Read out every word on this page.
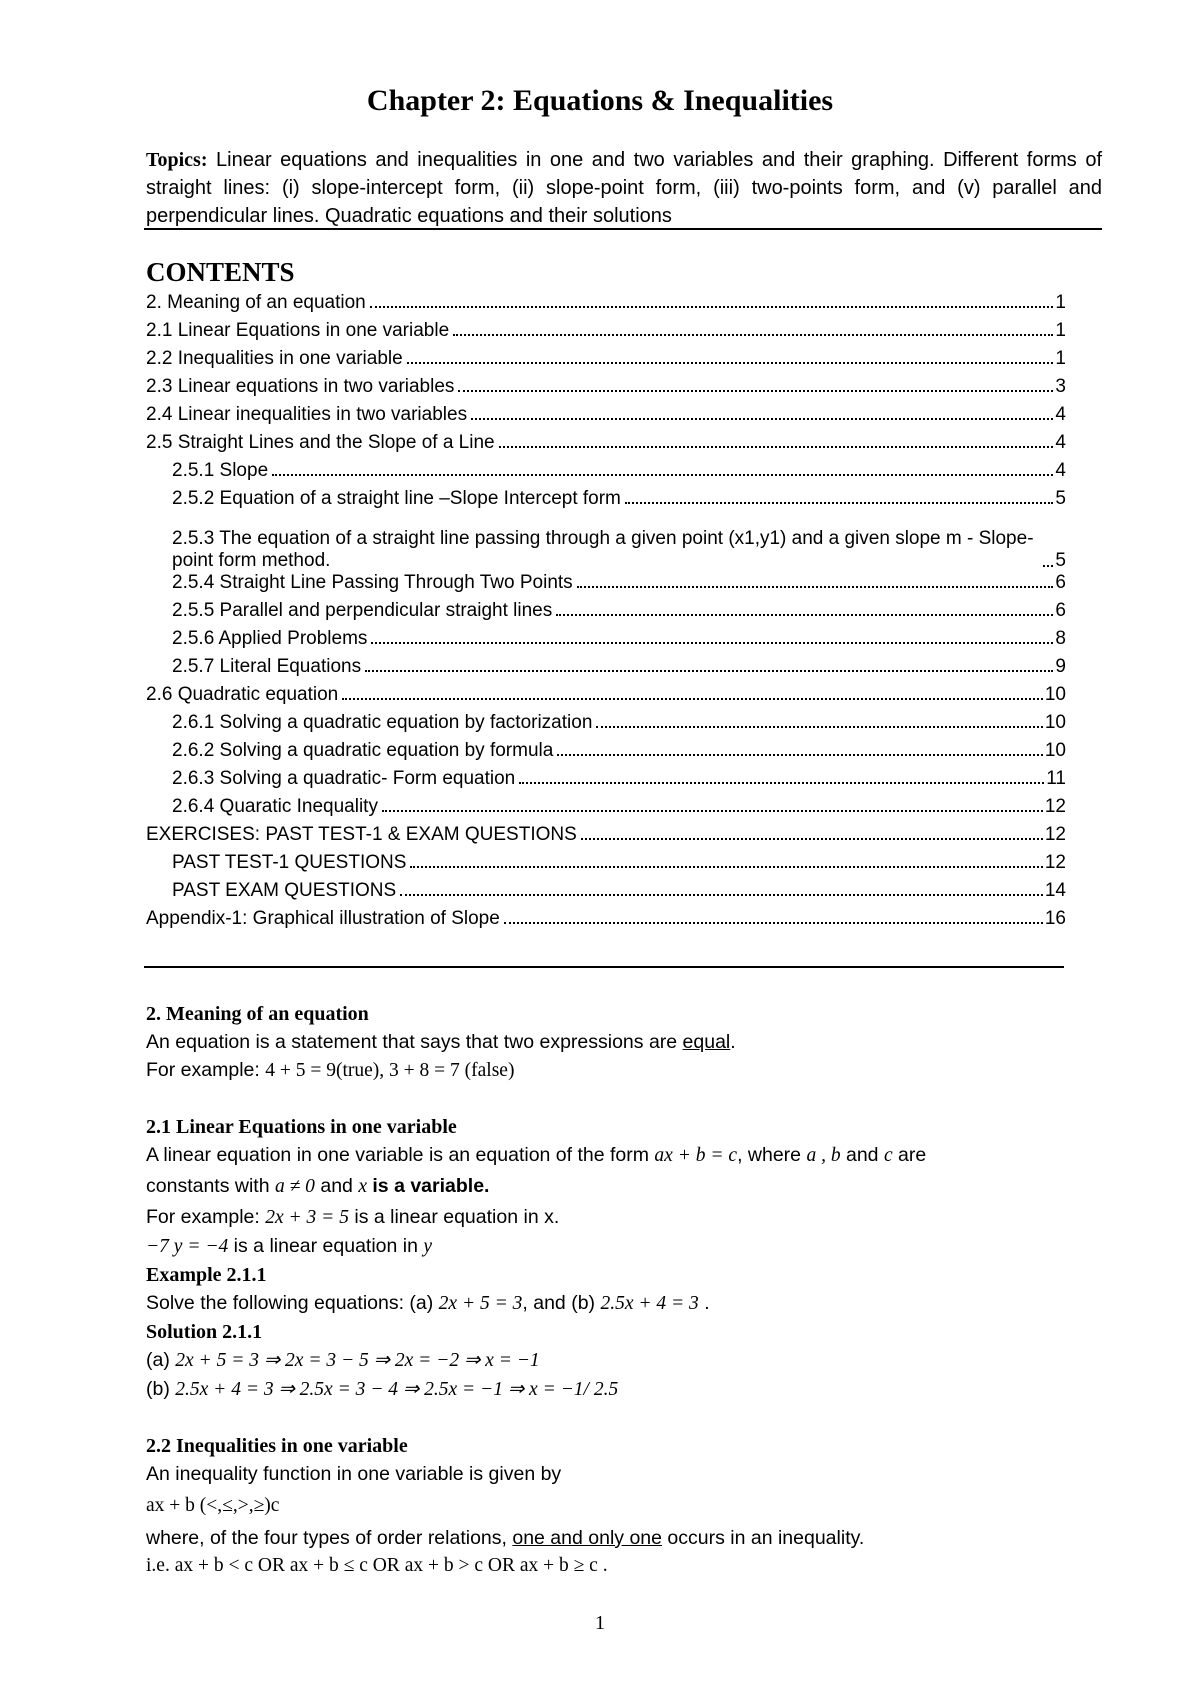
Chapter 2: Equations & Inequalities
Topics: Linear equations and inequalities in one and two variables and their graphing. Different forms of straight lines: (i) slope-intercept form, (ii) slope-point form, (iii) two-points form, and (v) parallel and perpendicular lines. Quadratic equations and their solutions
CONTENTS
2. Meaning of an equation	1
2.1 Linear Equations in one variable	1
2.2 Inequalities in one variable	1
2.3 Linear equations in two variables	3
2.4 Linear inequalities in two variables	4
2.5 Straight Lines and the Slope of a Line	4
2.5.1 Slope	4
2.5.2 Equation of a straight line –Slope Intercept form	5
2.5.3 The equation of a straight line passing through a given point (x1,y1) and a given slope m - Slope-point form method.	5
2.5.4 Straight Line Passing Through Two Points	6
2.5.5 Parallel and perpendicular straight lines	6
2.5.6 Applied Problems	8
2.5.7 Literal Equations	9
2.6 Quadratic equation	10
2.6.1 Solving a quadratic equation by factorization	10
2.6.2 Solving a quadratic equation by formula	10
2.6.3 Solving a quadratic- Form equation	11
2.6.4 Quaratic Inequality	12
EXERCISES: PAST TEST-1 & EXAM QUESTIONS	12
PAST TEST-1 QUESTIONS	12
PAST EXAM QUESTIONS	14
Appendix-1: Graphical illustration of Slope	16

2. Meaning of an equation

An equation is a statement that says that two expressions are equal.

For example: 4 + 5 = 9(true), 3 + 8 = 7 (false)

2.1 Linear Equations in one variable

A linear equation in one variable is an equation of the form ax + b = c, where a , b and c are

constants with a ≠ 0 and x is a variable.

For example: 2x + 3 = 5 is a linear equation in x.

−7 y = −4 is a linear equation in y

Example 2.1.1

Solve the following equations: (a) 2x + 5 = 3, and (b) 2.5x + 4 = 3 .

Solution 2.1.1

(a) 2x + 5 = 3 ⇒ 2x = 3 − 5 ⇒ 2x = −2 ⇒ x = −1

(b) 2.5x + 4 = 3 ⇒ 2.5x = 3 − 4 ⇒ 2.5x = −1 ⇒ x = −1/ 2.5

2.2 Inequalities in one variable

An inequality function in one variable is given by

ax + b (<,≤,>,≥)c

where, of the four types of order relations, one and only one occurs in an inequality.

i.e. ax + b < c OR ax + b ≤ c OR ax + b > c OR ax + b ≥ c .

1
